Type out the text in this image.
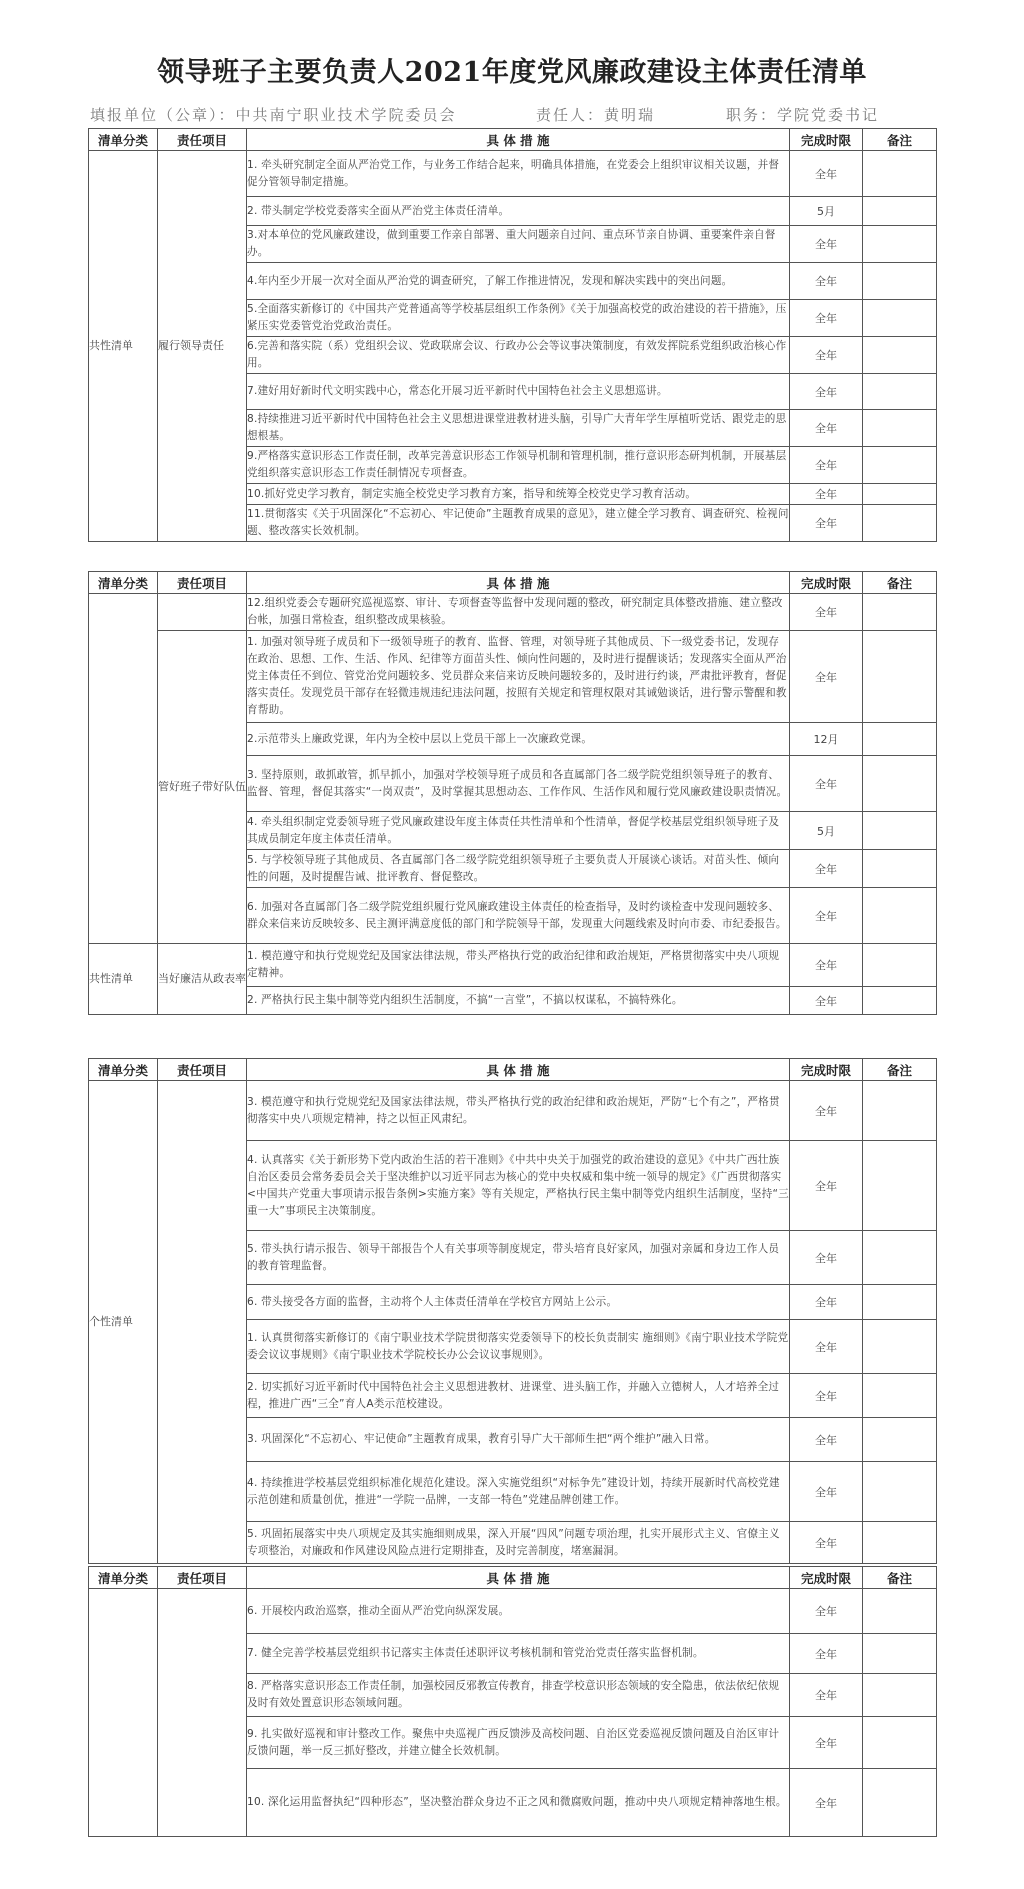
领导班子主要负责人2021年度党风廉政建设主体责任清单
填报单位（公章）：中共南宁职业技术学院委员会	责任人：黄明瑞	职务：学院党委书记
清单分类	责任项目	具 体 措 施	完成时限	备注
共性清单	履行领导责任	1. 牵头研究制定全面从严治党工作，与业务工作结合起来，明确具体措施，在党委会上组织审议相关议题，并督促分管领导制定措施。	全年	
		2. 带头制定学校党委落实全面从严治党主体责任清单。	5月	
		3.对本单位的党风廉政建设，做到重要工作亲自部署、重大问题亲自过问、重点环节亲自协调、重要案件亲自督办。	全年	
		4.年内至少开展一次对全面从严治党的调查研究，了解工作推进情况，发现和解决实践中的突出问题。	全年	
		5.全面落实新修订的《中国共产党普通高等学校基层组织工作条例》《关于加强高校党的政治建设的若干措施》，压紧压实党委管党治党政治责任。	全年	
		6.完善和落实院（系）党组织会议、党政联席会议、行政办公会等议事决策制度，有效发挥院系党组织政治核心作用。	全年	
		7.建好用好新时代文明实践中心，常态化开展习近平新时代中国特色社会主义思想巡讲。	全年	
		8.持续推进习近平新时代中国特色社会主义思想进课堂进教材进头脑，引导广大青年学生厚植听党话、跟党走的思想根基。	全年	
		9.严格落实意识形态工作责任制，改革完善意识形态工作领导机制和管理机制，推行意识形态研判机制，开展基层党组织落实意识形态工作责任制情况专项督查。	全年	
		10.抓好党史学习教育，制定实施全校党史学习教育方案，指导和统筹全校党史学习教育活动。	全年	
		11.贯彻落实《关于巩固深化“不忘初心、牢记使命”主题教育成果的意见》，建立健全学习教育、调查研究、检视问题、整改落实长效机制。	全年	
清单分类	责任项目	具 体 措 施	完成时限	备注
		12.组织党委会专题研究巡视巡察、审计、专项督查等监督中发现问题的整改，研究制定具体整改措施、建立整改台帐，加强日常检查，组织整改成果核验。	全年	
	管好班子带好队伍	1. 加强对领导班子成员和下一级领导班子的教育、监督、管理，对领导班子其他成员、下一级党委书记，发现存在政治、思想、工作、生活、作风、纪律等方面苗头性、倾向性问题的，及时进行提醒谈话；发现落实全面从严治党主体责任不到位、管党治党问题较多、党员群众来信来访反映问题较多的，及时进行约谈，严肃批评教育，督促落实责任。发现党员干部存在轻微违规违纪违法问题，按照有关规定和管理权限对其诫勉谈话，进行警示警醒和教育帮助。	全年	
		2.示范带头上廉政党课，年内为全校中层以上党员干部上一次廉政党课。	12月	
		3. 坚持原则，敢抓敢管，抓早抓小，加强对学校领导班子成员和各直属部门各二级学院党组织领导班子的教育、监督、管理，督促其落实“一岗双责”，及时掌握其思想动态、工作作风、生活作风和履行党风廉政建设职责情况。	全年	
		4. 牵头组织制定党委领导班子党风廉政建设年度主体责任共性清单和个性清单，督促学校基层党组织领导班子及其成员制定年度主体责任清单。	5月	
		5. 与学校领导班子其他成员、各直属部门各二级学院党组织领导班子主要负责人开展谈心谈话。对苗头性、倾向性的问题，及时提醒告诫、批评教育、督促整改。	全年	
		6. 加强对各直属部门各二级学院党组织履行党风廉政建设主体责任的检查指导，及时约谈检查中发现问题较多、群众来信来访反映较多、民主测评满意度低的部门和学院领导干部，发现重大问题线索及时向市委、市纪委报告。	全年	
共性清单	当好廉洁从政表率	1. 模范遵守和执行党规党纪及国家法律法规，带头严格执行党的政治纪律和政治规矩，严格贯彻落实中央八项规定精神。	全年	
		2. 严格执行民主集中制等党内组织生活制度，不搞“一言堂”，不搞以权谋私，不搞特殊化。	全年	
清单分类	责任项目	具 体 措 施	完成时限	备注
个性清单		3. 模范遵守和执行党规党纪及国家法律法规，带头严格执行党的政治纪律和政治规矩，严防“七个有之”，严格贯彻落实中央八项规定精神，持之以恒正风肃纪。	全年	
		4. 认真落实《关于新形势下党内政治生活的若干准则》《中共中央关于加强党的政治建设的意见》《中共广西壮族自治区委员会常务委员会关于坚决维护以习近平同志为核心的党中央权威和集中统一领导的规定》《广西贯彻落实<中国共产党重大事项请示报告条例>实施方案》等有关规定，严格执行民主集中制等党内组织生活制度，坚持“三重一大”事项民主决策制度。	全年	
		5. 带头执行请示报告、领导干部报告个人有关事项等制度规定，带头培育良好家风，加强对亲属和身边工作人员的教育管理监督。	全年	
		6. 带头接受各方面的监督，主动将个人主体责任清单在学校官方网站上公示。	全年	
		1. 认真贯彻落实新修订的《南宁职业技术学院贯彻落实党委领导下的校长负责制实 施细则》《南宁职业技术学院党委会议议事规则》《南宁职业技术学院校长办公会议议事规则》。	全年	
		2. 切实抓好习近平新时代中国特色社会主义思想进教材、进课堂、进头脑工作，并融入立德树人，人才培养全过程，推进广西“三全”育人A类示范校建设。	全年	
		3. 巩固深化“不忘初心、牢记使命”主题教育成果，教育引导广大干部师生把“两个维护”融入日常。	全年	
		4. 持续推进学校基层党组织标准化规范化建设。深入实施党组织“对标争先”建设计划，持续开展新时代高校党建示范创建和质量创优，推进“一学院一品牌，一支部一特色”党建品牌创建工作。	全年	
		5. 巩固拓展落实中央八项规定及其实施细则成果，深入开展“四风”问题专项治理，扎实开展形式主义、官僚主义专项整治，对廉政和作风建设风险点进行定期排查，及时完善制度，堵塞漏洞。	全年	
清单分类	责任项目	具 体 措 施	完成时限	备注
		6. 开展校内政治巡察，推动全面从严治党向纵深发展。	全年	
		7. 健全完善学校基层党组织书记落实主体责任述职评议考核机制和管党治党责任落实监督机制。	全年	
		8. 严格落实意识形态工作责任制，加强校园反邪教宣传教育，排查学校意识形态领域的安全隐患，依法依纪依规及时有效处置意识形态领域问题。	全年	
		9. 扎实做好巡视和审计整改工作。聚焦中央巡视广西反馈涉及高校问题、自治区党委巡视反馈问题及自治区审计反馈问题，举一反三抓好整改，并建立健全长效机制。	全年	
		10. 深化运用监督执纪“四种形态”，坚决整治群众身边不正之风和微腐败问题，推动中央八项规定精神落地生根。	全年	
